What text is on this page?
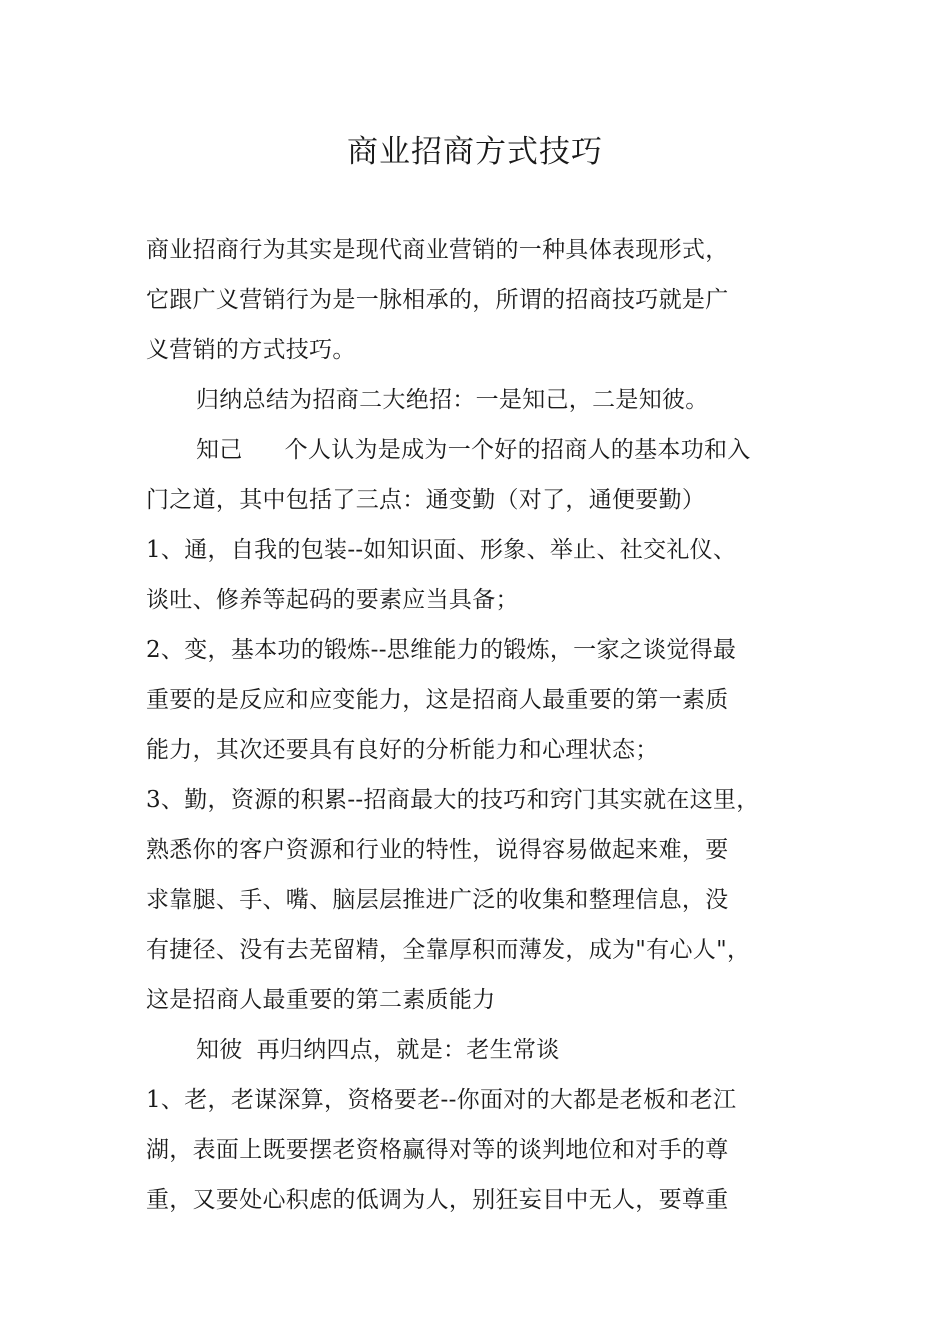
商业招商方式技巧
商业招商行为其实是现代商业营销的一种具体表现形式，
它跟广义营销行为是一脉相承的，所谓的招商技巧就是广
义营销的方式技巧。
归纳总结为招商二大绝招：一是知己，二是知彼。
知己 个人认为是成为一个好的招商人的基本功和入
门之道，其中包括了三点：通变勤（对了，通便要勤）
1、通，自我的包装--如知识面、形象、举止、社交礼仪、
谈吐、修养等起码的要素应当具备；
2、变，基本功的锻炼--思维能力的锻炼，一家之谈觉得最
重要的是反应和应变能力，这是招商人最重要的第一素质
能力，其次还要具有良好的分析能力和心理状态；
3、勤，资源的积累--招商最大的技巧和窍门其实就在这里，
熟悉你的客户资源和行业的特性，说得容易做起来难，要
求靠腿、手、嘴、脑层层推进广泛的收集和整理信息，没
有捷径、没有去芜留精，全靠厚积而薄发，成为"有心人"，
这是招商人最重要的第二素质能力
知彼 再归纳四点，就是：老生常谈
1、老，老谋深算，资格要老--你面对的大都是老板和老江
湖，表面上既要摆老资格赢得对等的谈判地位和对手的尊
重，又要处心积虑的低调为人，别狂妄目中无人，要尊重
